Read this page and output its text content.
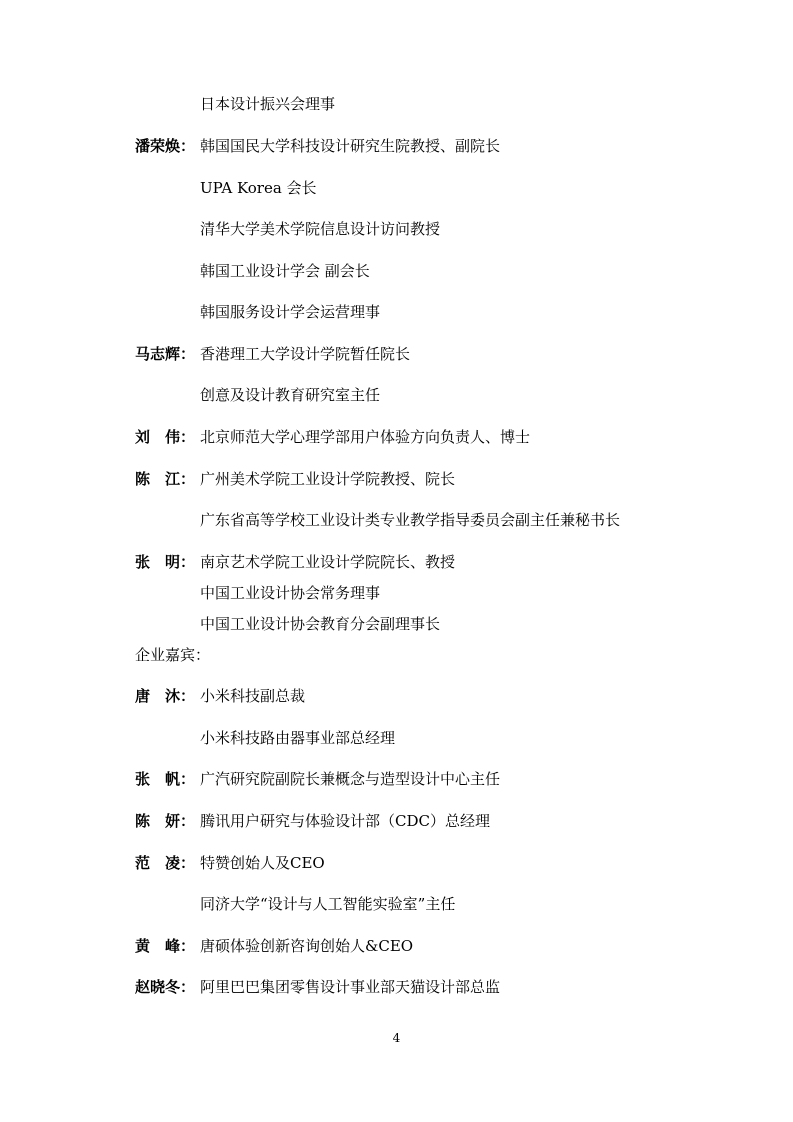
日本设计振兴会理事
潘荣焕： 韩国国民大学科技设计研究生院教授、副院长
UPA Korea 会长
清华大学美术学院信息设计访问教授
韩国工业设计学会 副会长
韩国服务设计学会运营理事
马志辉： 香港理工大学设计学院暂任院长
创意及设计教育研究室主任
刘　伟： 北京师范大学心理学部用户体验方向负责人、博士
陈　江： 广州美术学院工业设计学院教授、院长
广东省高等学校工业设计类专业教学指导委员会副主任兼秘书长
张　明： 南京艺术学院工业设计学院院长、教授
中国工业设计协会常务理事
中国工业设计协会教育分会副理事长
企业嘉宾：
唐　沐： 小米科技副总裁
小米科技路由器事业部总经理
张　帆： 广汽研究院副院长兼概念与造型设计中心主任
陈　妍： 腾讯用户研究与体验设计部（CDC）总经理
范　凌： 特赞创始人及CEO
同济大学“设计与人工智能实验室”主任
黄　峰： 唐硕体验创新咨询创始人&CEO
赵晓冬： 阿里巴巴集团零售设计事业部天猫设计部总监
4
